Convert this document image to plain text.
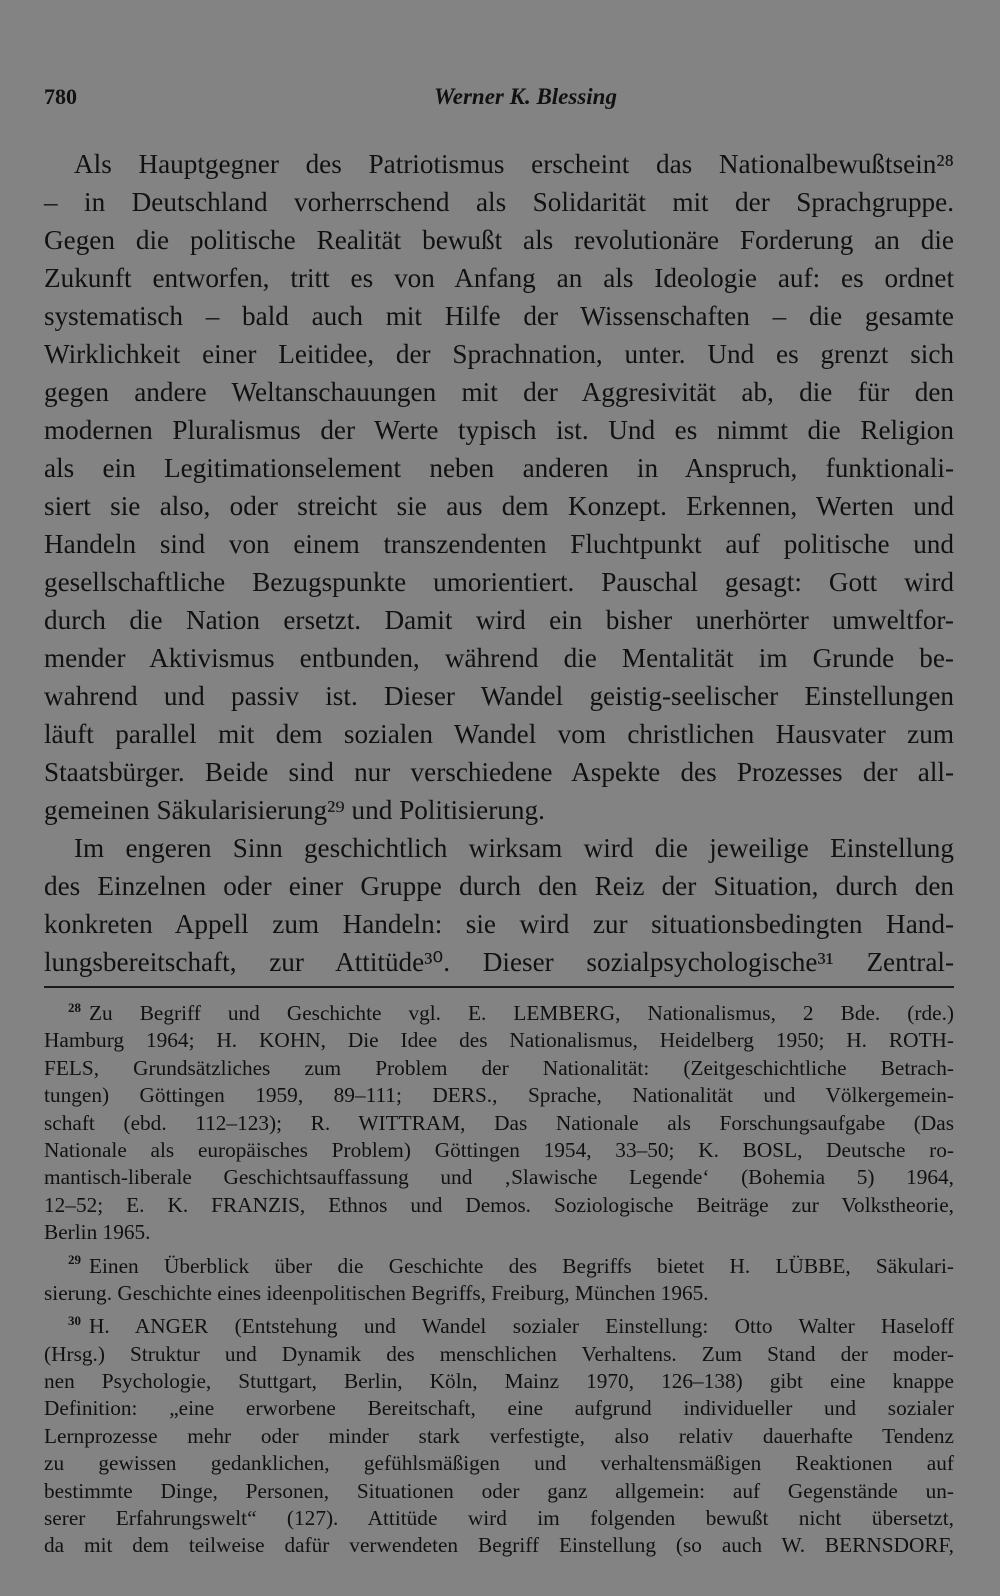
780	Werner K. Blessing
Als Hauptgegner des Patriotismus erscheint das Nationalbewußtsein²⁸
– in Deutschland vorherrschend als Solidarität mit der Sprachgruppe.
Gegen die politische Realität bewußt als revolutionäre Forderung an die
Zukunft entworfen, tritt es von Anfang an als Ideologie auf: es ordnet
systematisch – bald auch mit Hilfe der Wissenschaften – die gesamte
Wirklichkeit einer Leitidee, der Sprachnation, unter. Und es grenzt sich
gegen andere Weltanschauungen mit der Aggresivität ab, die für den
modernen Pluralismus der Werte typisch ist. Und es nimmt die Religion
als ein Legitimationselement neben anderen in Anspruch, funktionali-
siert sie also, oder streicht sie aus dem Konzept. Erkennen, Werten und
Handeln sind von einem transzendenten Fluchtpunkt auf politische und
gesellschaftliche Bezugspunkte umorientiert. Pauschal gesagt: Gott wird
durch die Nation ersetzt. Damit wird ein bisher unerhörter umweltfor-
mender Aktivismus entbunden, während die Mentalität im Grunde be-
wahrend und passiv ist. Dieser Wandel geistig-seelischer Einstellungen
läuft parallel mit dem sozialen Wandel vom christlichen Hausvater zum
Staatsbürger. Beide sind nur verschiedene Aspekte des Prozesses der all-
gemeinen Säkularisierung²⁹ und Politisierung.
Im engeren Sinn geschichtlich wirksam wird die jeweilige Einstellung
des Einzelnen oder einer Gruppe durch den Reiz der Situation, durch den
konkreten Appell zum Handeln: sie wird zur situationsbedingten Hand-
lungsbereitschaft, zur Attitüde³⁰. Dieser sozialpsychologische³¹ Zentral-
$^{28}$ Zu Begriff und Geschichte vgl. E. LEMBERG, Nationalismus, 2 Bde. (rde.)
Hamburg 1964; H. KOHN, Die Idee des Nationalismus, Heidelberg 1950; H. ROTH-
FELS, Grundsätzliches zum Problem der Nationalität: (Zeitgeschichtliche Betrach-
tungen) Göttingen 1959, 89–111; DERS., Sprache, Nationalität und Völkergemein-
schaft (ebd. 112–123); R. WITTRAM, Das Nationale als Forschungsaufgabe (Das
Nationale als europäisches Problem) Göttingen 1954, 33–50; K. BOSL, Deutsche ro-
mantisch-liberale Geschichtsauffassung und ‚Slawische Legende‘ (Bohemia 5) 1964,
12–52; E. K. FRANZIS, Ethnos und Demos. Soziologische Beiträge zur Volkstheorie,
Berlin 1965.
$^{29}$ Einen Überblick über die Geschichte des Begriffs bietet H. LÜBBE, Säkulari-
sierung. Geschichte eines ideenpolitischen Begriffs, Freiburg, München 1965.
$^{30}$ H. ANGER (Entstehung und Wandel sozialer Einstellung: Otto Walter Haseloff
(Hrsg.) Struktur und Dynamik des menschlichen Verhaltens. Zum Stand der moder-
nen Psychologie, Stuttgart, Berlin, Köln, Mainz 1970, 126–138) gibt eine knappe
Definition: „eine erworbene Bereitschaft, eine aufgrund individueller und sozialer
Lernprozesse mehr oder minder stark verfestigte, also relativ dauerhafte Tendenz
zu gewissen gedanklichen, gefühlsmäßigen und verhaltensmäßigen Reaktionen auf
bestimmte Dinge, Personen, Situationen oder ganz allgemein: auf Gegenstände un-
serer Erfahrungswelt“ (127). Attitüde wird im folgenden bewußt nicht übersetzt,
da mit dem teilweise dafür verwendeten Begriff Einstellung (so auch W. BERNSDORF,
